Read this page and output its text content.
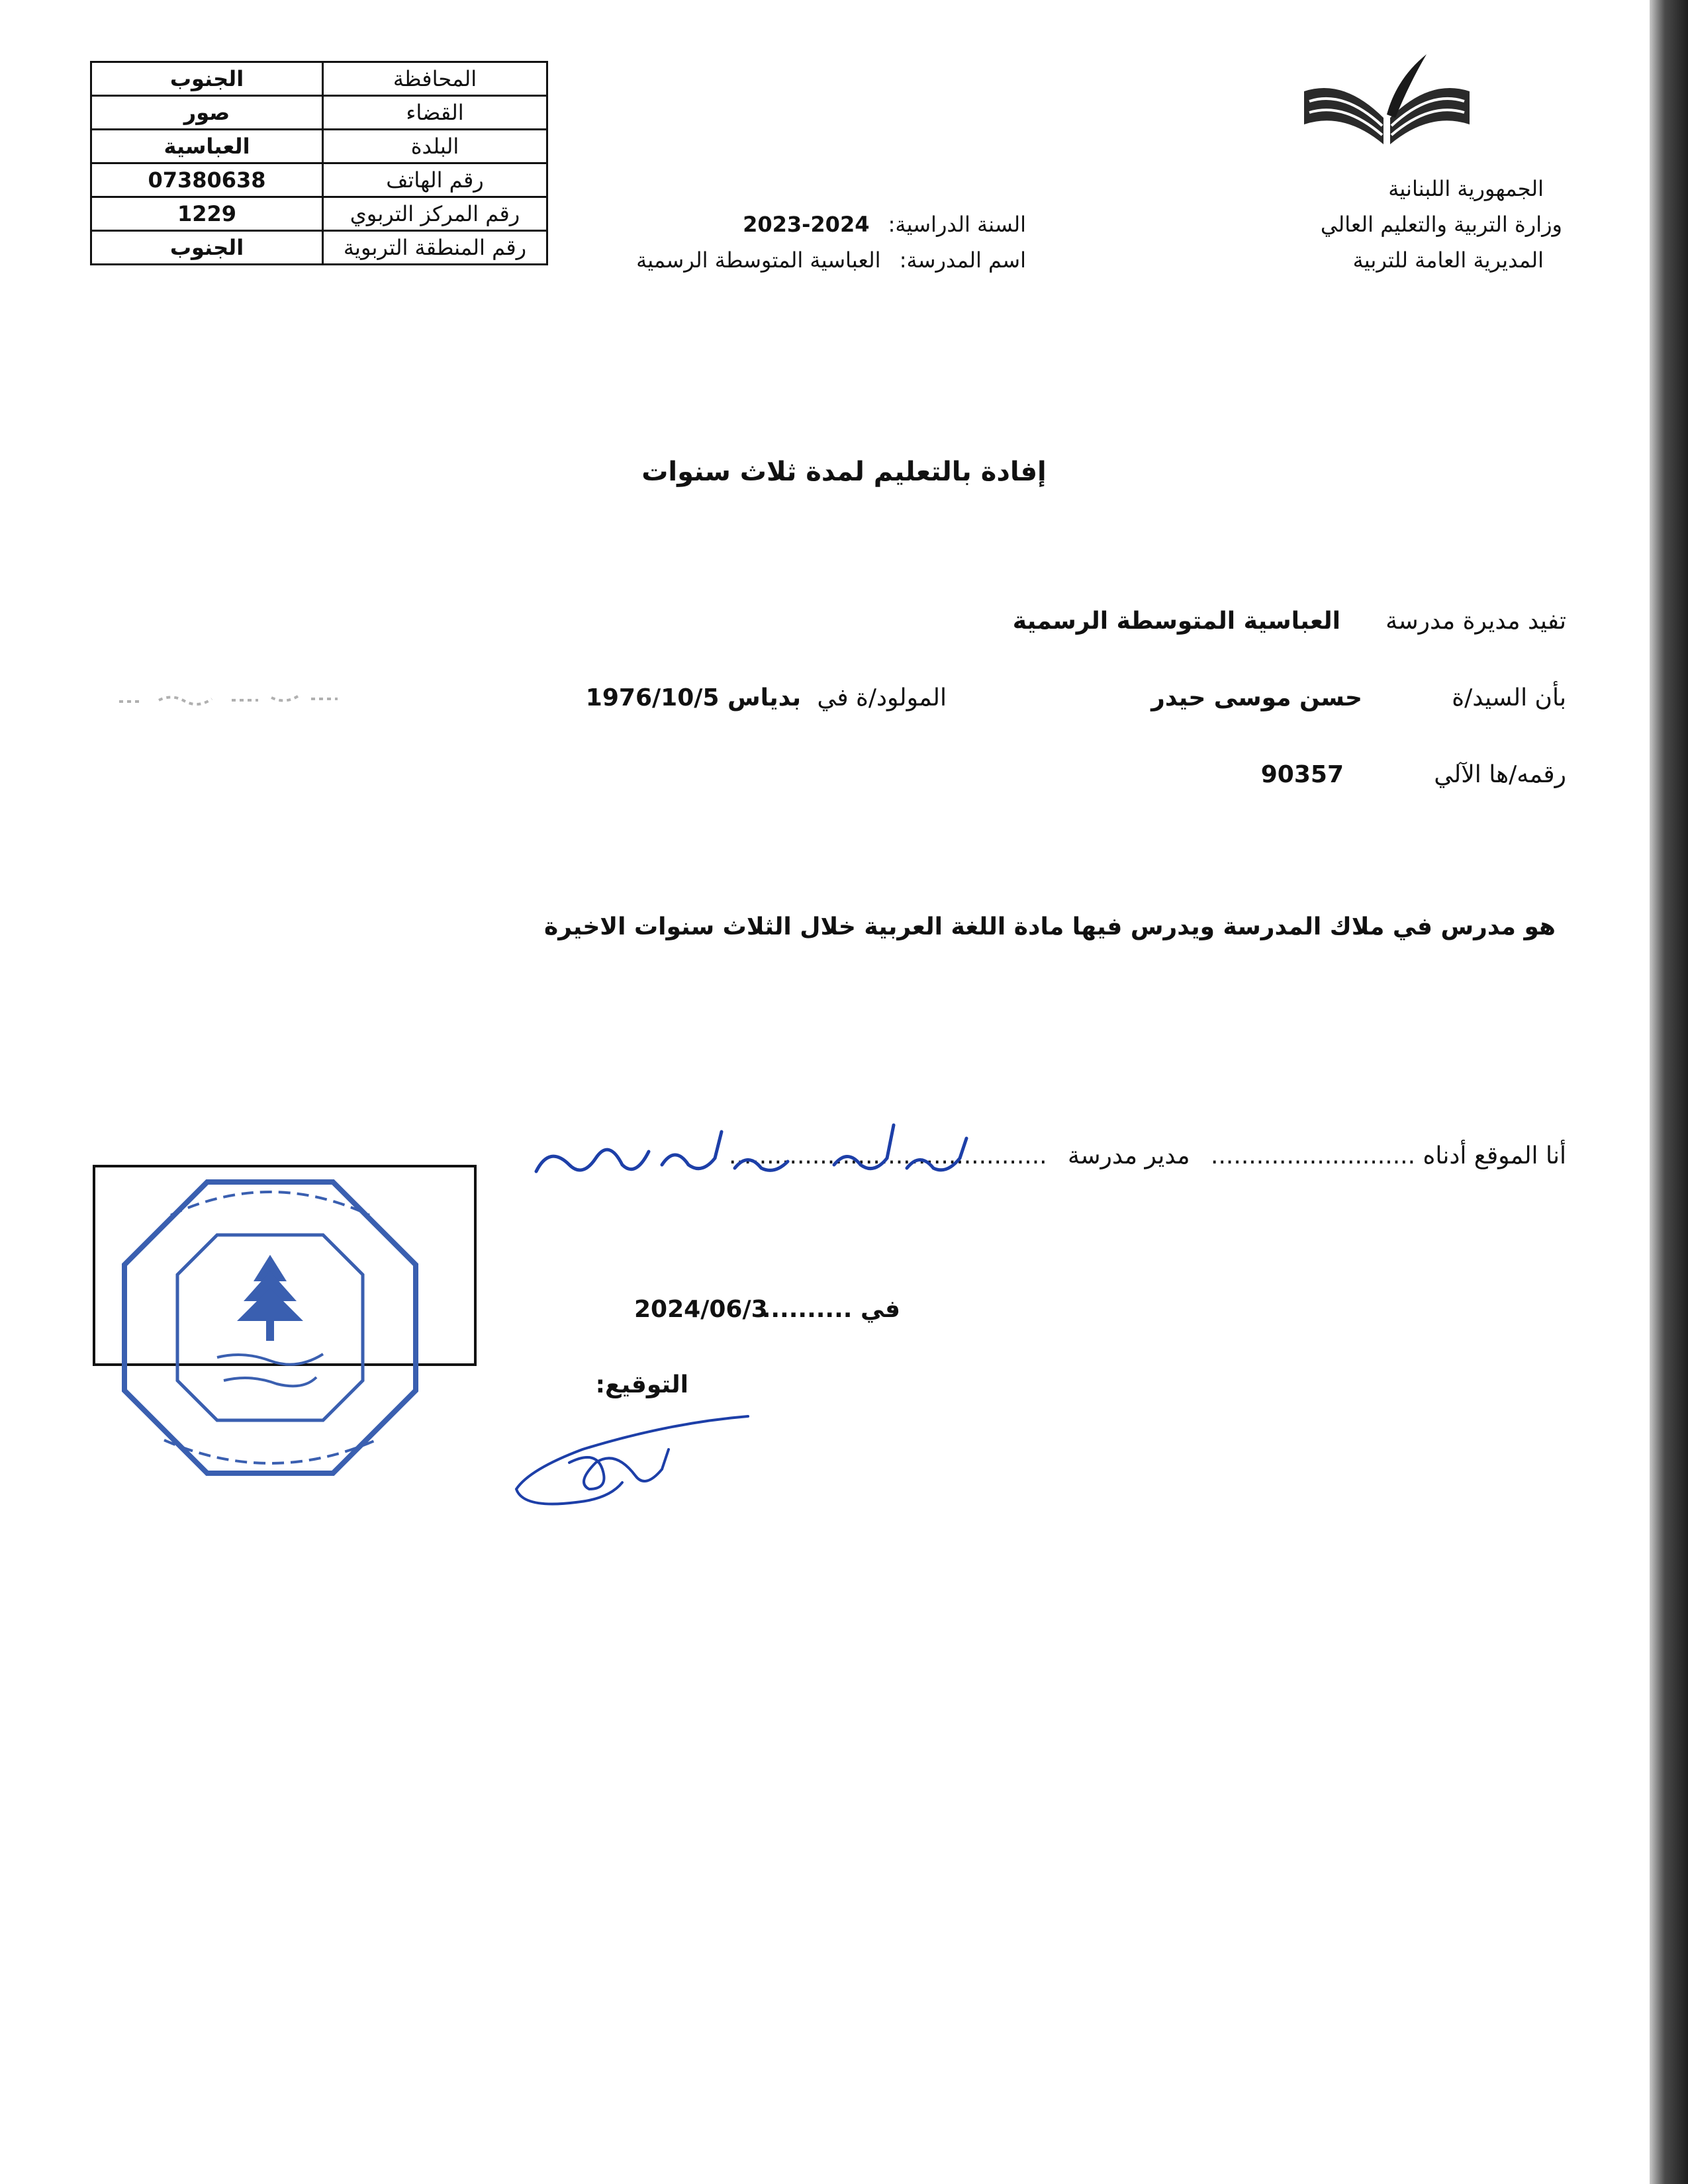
المحافظة	الجنوب
القضاء	صور
البلدة	العباسية
رقم الهاتف	07380638
رقم المركز التربوي	1229
رقم المنطقة التربوية	الجنوب
الجمهورية اللبنانية
وزارة التربية والتعليم العالي
المديرية العامة للتربية
السنة الدراسية: 2024-2023
اسم المدرسة: العباسية المتوسطة الرسمية
إفادة بالتعليم لمدة ثلاث سنوات
تفيد مديرة مدرسة
العباسية المتوسطة الرسمية
بأن السيد/ة
حسن موسى حيدر
المولود/ة في
بدياس 1976/10/5
رقمه/ها الآلي
90357
هو مدرس في ملاك المدرسة ويدرس فيها مادة اللغة العربية خلال الثلاث سنوات الاخيرة
أنا الموقع أدناه ........................... مدير مدرسة ..........................................
في ..........
2024/06/3
التوقيع:
